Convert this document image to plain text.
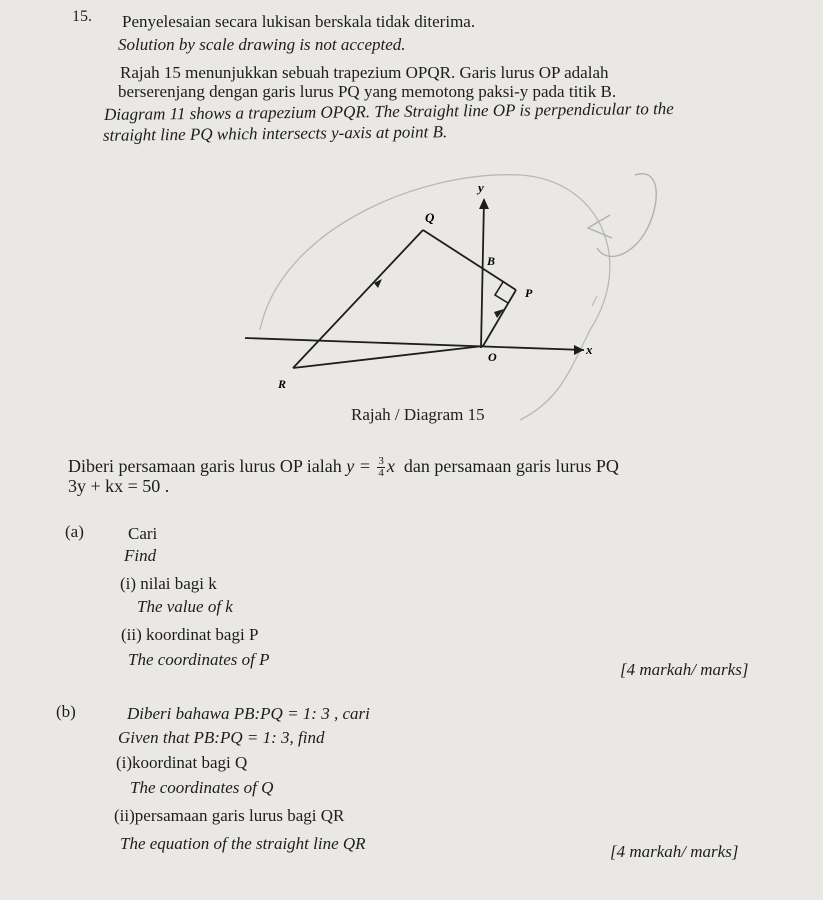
15. Penyelesaian secara lukisan berskala tidak diterima.
Solution by scale drawing is not accepted.
Rajah 15 menunjukkan sebuah trapezium OPQR. Garis lurus OP adalah
berserenjang dengan garis lurus PQ yang memotong paksi-y pada titik B.
Diagram 11 shows a trapezium OPQR. The Straight line OP is perpendicular to the
straight line PQ which intersects y-axis at point B.
y
x
Q
B
P
O
R
Rajah / Diagram 15
Diberi persamaan garis lurus OP ialah $y = \frac{3}{4}$ x dan persamaan garis lurus PQ
3y + kx = 50 .
(a)	Cari
Find
(i) nilai bagi k
The value of k
(ii) koordinat bagi P
The coordinates of P
[4 markah/ marks]
(b)	Diberi bahawa PB:PQ = 1: 3 , cari
Given that PB:PQ = 1: 3, find
(i)koordinat bagi Q
The coordinates of Q
(ii)persamaan garis lurus bagi QR
The equation of the straight line QR	[4 markah/ marks]
